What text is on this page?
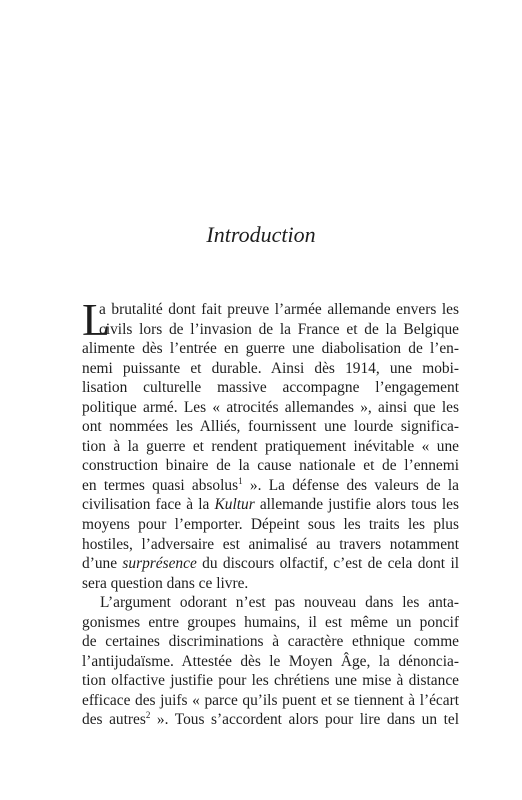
Introduction
L
a brutalité dont fait preuve l’armée allemande envers les
civils lors de l’invasion de la France et de la Belgique
alimente dès l’entrée en guerre une diabolisation de l’en-
nemi puissante et durable. Ainsi dès 1914, une mobi-
lisation culturelle massive accompagne l’engagement
politique armé. Les « atrocités allemandes », ainsi que les
ont nommées les Alliés, fournissent une lourde significa-
tion à la guerre et rendent pratiquement inévitable « une
construction binaire de la cause nationale et de l’ennemi
en termes quasi absolus$^1$ ». La défense des valeurs de la
civilisation face à la Kultur allemande justifie alors tous les
moyens pour l’emporter. Dépeint sous les traits les plus
hostiles, l’adversaire est animalisé au travers notamment
d’une surprésence du discours olfactif, c’est de cela dont il
sera question dans ce livre.
L’argument odorant n’est pas nouveau dans les anta-
gonismes entre groupes humains, il est même un poncif
de certaines discriminations à caractère ethnique comme
l’antijudaïsme. Attestée dès le Moyen Âge, la dénoncia-
tion olfactive justifie pour les chrétiens une mise à distance
efficace des juifs « parce qu’ils puent et se tiennent à l’écart
des autres$^2$ ». Tous s’accordent alors pour lire dans un tel
